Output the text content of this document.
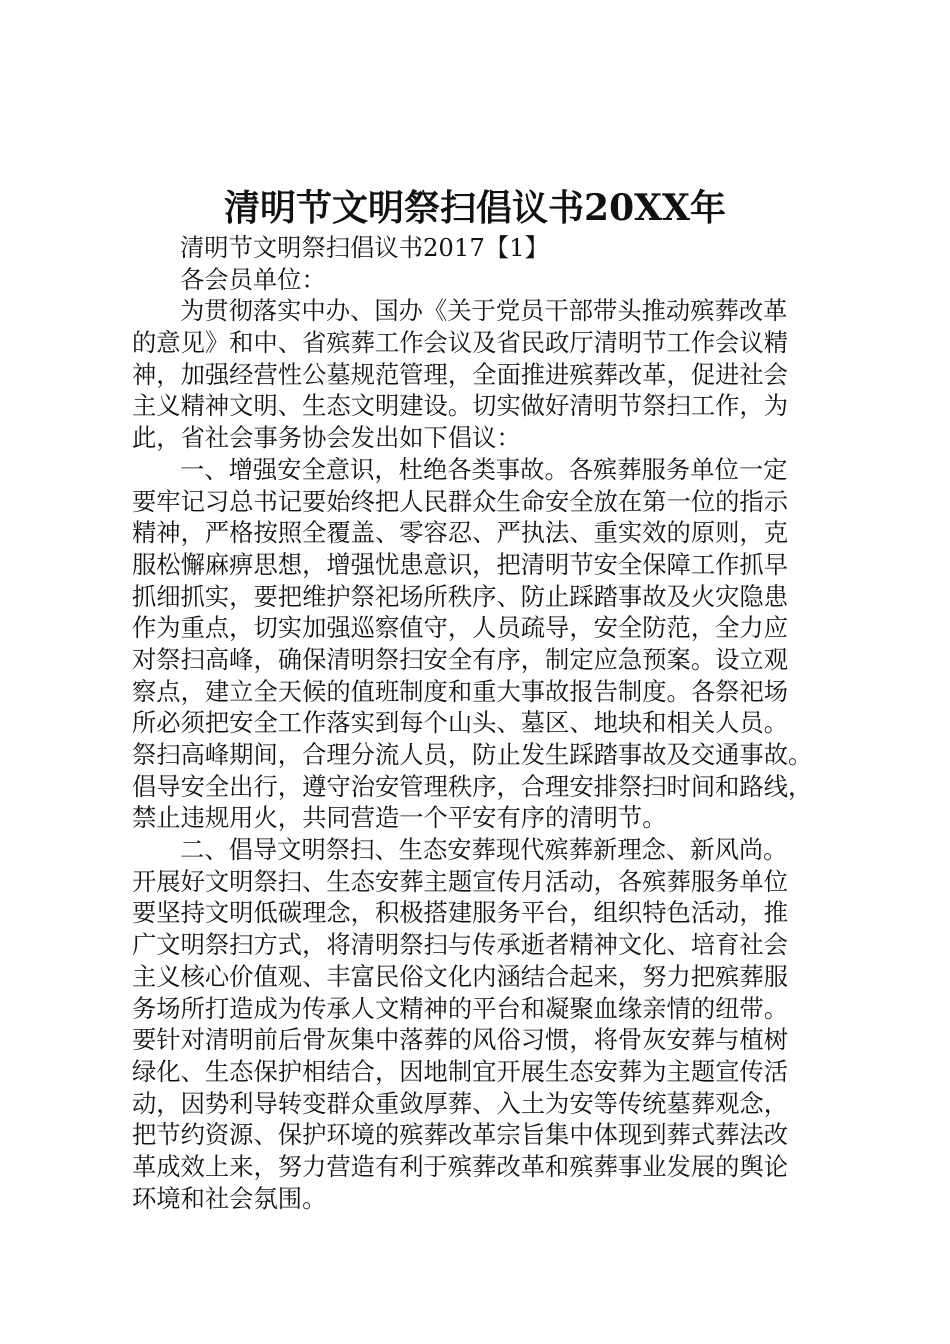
清明节文明祭扫倡议书20XX年
清明节文明祭扫倡议书2017【1】
各会员单位：
为贯彻落实中办、国办《关于党员干部带头推动殡葬改革
的意见》和中、省殡葬工作会议及省民政厅清明节工作会议精
神，加强经营性公墓规范管理，全面推进殡葬改革，促进社会
主义精神文明、生态文明建设。切实做好清明节祭扫工作，为
此，省社会事务协会发出如下倡议：
一、增强安全意识，杜绝各类事故。各殡葬服务单位一定
要牢记习总书记要始终把人民群众生命安全放在第一位的指示
精神，严格按照全覆盖、零容忍、严执法、重实效的原则，克
服松懈麻痹思想，增强忧患意识，把清明节安全保障工作抓早
抓细抓实，要把维护祭祀场所秩序、防止踩踏事故及火灾隐患
作为重点，切实加强巡察值守，人员疏导，安全防范，全力应
对祭扫高峰，确保清明祭扫安全有序，制定应急预案。设立观
察点，建立全天候的值班制度和重大事故报告制度。各祭祀场
所必须把安全工作落实到每个山头、墓区、地块和相关人员。
祭扫高峰期间，合理分流人员，防止发生踩踏事故及交通事故。
倡导安全出行，遵守治安管理秩序，合理安排祭扫时间和路线，
禁止违规用火，共同营造一个平安有序的清明节。
二、倡导文明祭扫、生态安葬现代殡葬新理念、新风尚。
开展好文明祭扫、生态安葬主题宣传月活动，各殡葬服务单位
要坚持文明低碳理念，积极搭建服务平台，组织特色活动，推
广文明祭扫方式，将清明祭扫与传承逝者精神文化、培育社会
主义核心价值观、丰富民俗文化内涵结合起来，努力把殡葬服
务场所打造成为传承人文精神的平台和凝聚血缘亲情的纽带。
要针对清明前后骨灰集中落葬的风俗习惯，将骨灰安葬与植树
绿化、生态保护相结合，因地制宜开展生态安葬为主题宣传活
动，因势利导转变群众重敛厚葬、入土为安等传统墓葬观念，
把节约资源、保护环境的殡葬改革宗旨集中体现到葬式葬法改
革成效上来，努力营造有利于殡葬改革和殡葬事业发展的舆论
环境和社会氛围。
